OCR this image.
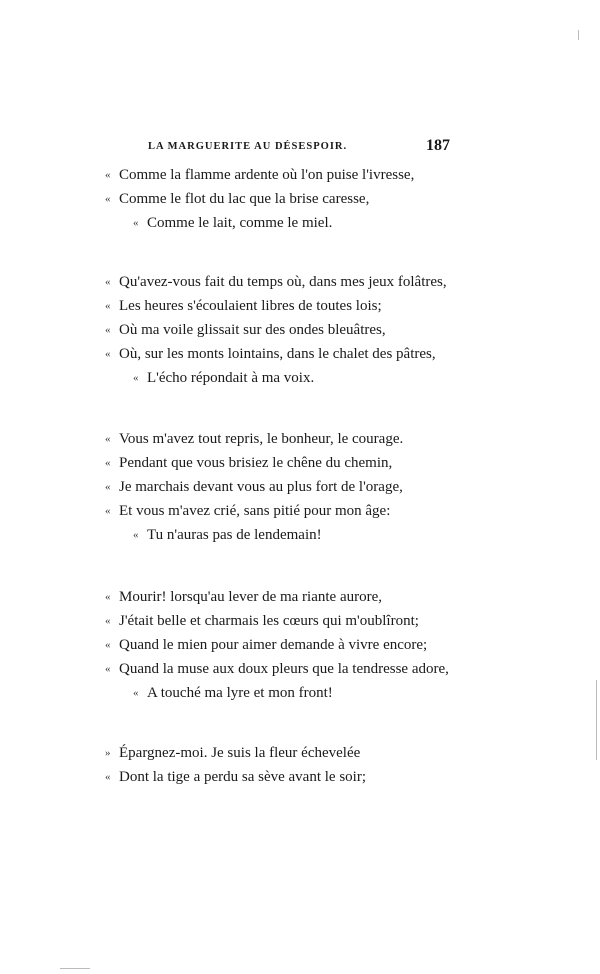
LA MARGUERITE AU DÉSESPOIR.	187
« Comme la flamme ardente où l'on puise l'ivresse,
« Comme le flot du lac que la brise caresse,
« Comme le lait, comme le miel.
« Qu'avez-vous fait du temps où, dans mes jeux folâtres,
« Les heures s'écoulaient libres de toutes lois;
« Où ma voile glissait sur des ondes bleuâtres,
« Où, sur les monts lointains, dans le chalet des pâtres,
« L'écho répondait à ma voix.
« Vous m'avez tout repris, le bonheur, le courage.
« Pendant que vous brisiez le chêne du chemin,
« Je marchais devant vous au plus fort de l'orage,
« Et vous m'avez crié, sans pitié pour mon âge:
« Tu n'auras pas de lendemain!
« Mourir! lorsqu'au lever de ma riante aurore,
« J'était belle et charmais les cœurs qui m'oublîront;
« Quand le mien pour aimer demande à vivre encore;
« Quand la muse aux doux pleurs que la tendresse adore,
« A touché ma lyre et mon front!
» Épargnez-moi. Je suis la fleur échevelée
« Dont la tige a perdu sa sève avant le soir;
